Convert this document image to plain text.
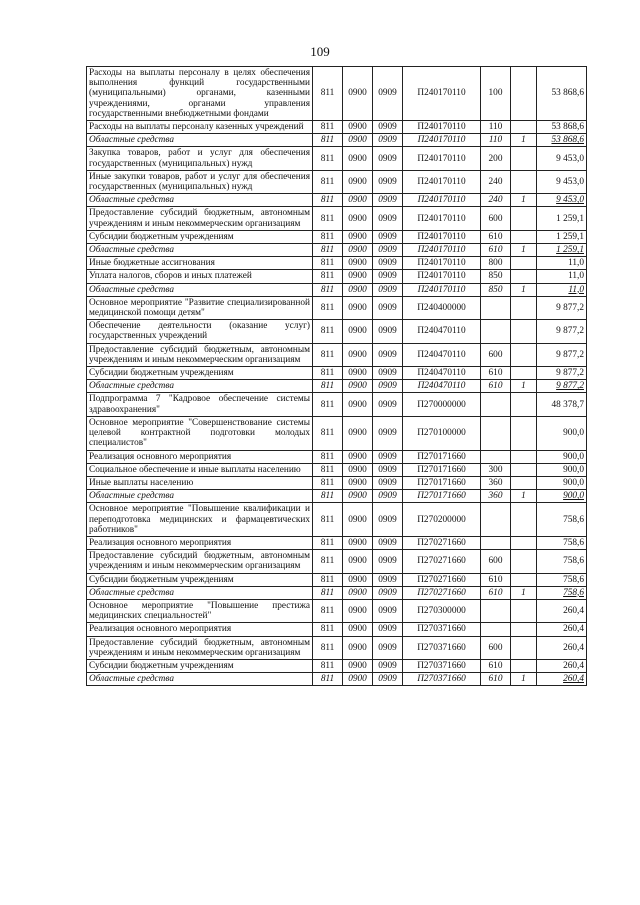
109
Расходы на выплаты персоналу в целях обеспечения выполнения функций государственными (муниципальными) органами, казенными учреждениями, органами управления государственными внебюджетными фондами	811	0900	0909	П240170110	100		53 868,6
Расходы на выплаты персоналу казенных учреждений	811	0900	0909	П240170110	110		53 868,6
Областные средства	811	0900	0909	П240170110	110	1	53 868,6
Закупка товаров, работ и услуг для обеспечения государственных (муниципальных) нужд	811	0900	0909	П240170110	200		9 453,0
Иные закупки товаров, работ и услуг для обеспечения государственных (муниципальных) нужд	811	0900	0909	П240170110	240		9 453,0
Областные средства	811	0900	0909	П240170110	240	1	9 453,0
Предоставление субсидий бюджетным, автономным учреждениям и иным некоммерческим организациям	811	0900	0909	П240170110	600		1 259,1
Субсидии бюджетным учреждениям	811	0900	0909	П240170110	610		1 259,1
Областные средства	811	0900	0909	П240170110	610	1	1 259,1
Иные бюджетные ассигнования	811	0900	0909	П240170110	800		11,0
Уплата налогов, сборов и иных платежей	811	0900	0909	П240170110	850		11,0
Областные средства	811	0900	0909	П240170110	850	1	11,0
Основное мероприятие "Развитие специализированной медицинской помощи детям"	811	0900	0909	П240400000			9 877,2
Обеспечение деятельности (оказание услуг) государственных учреждений	811	0900	0909	П240470110			9 877,2
Предоставление субсидий бюджетным, автономным учреждениям и иным некоммерческим организациям	811	0900	0909	П240470110	600		9 877,2
Субсидии бюджетным учреждениям	811	0900	0909	П240470110	610		9 877,2
Областные средства	811	0900	0909	П240470110	610	1	9 877,2
Подпрограмма 7 "Кадровое обеспечение системы здравоохранения"	811	0900	0909	П270000000			48 378,7
Основное мероприятие "Совершенствование системы целевой контрактной подготовки молодых специалистов"	811	0900	0909	П270100000			900,0
Реализация основного мероприятия	811	0900	0909	П270171660			900,0
Социальное обеспечение и иные выплаты населению	811	0900	0909	П270171660	300		900,0
Иные выплаты населению	811	0900	0909	П270171660	360		900,0
Областные средства	811	0900	0909	П270171660	360	1	900,0
Основное мероприятие "Повышение квалификации и переподготовка медицинских и фармацевтических работников"	811	0900	0909	П270200000			758,6
Реализация основного мероприятия	811	0900	0909	П270271660			758,6
Предоставление субсидий бюджетным, автономным учреждениям и иным некоммерческим организациям	811	0900	0909	П270271660	600		758,6
Субсидии бюджетным учреждениям	811	0900	0909	П270271660	610		758,6
Областные средства	811	0900	0909	П270271660	610	1	758,6
Основное мероприятие "Повышение престижа медицинских специальностей"	811	0900	0909	П270300000			260,4
Реализация основного мероприятия	811	0900	0909	П270371660			260,4
Предоставление субсидий бюджетным, автономным учреждениям и иным некоммерческим организациям	811	0900	0909	П270371660	600		260,4
Субсидии бюджетным учреждениям	811	0900	0909	П270371660	610		260,4
Областные средства	811	0900	0909	П270371660	610	1	260,4
